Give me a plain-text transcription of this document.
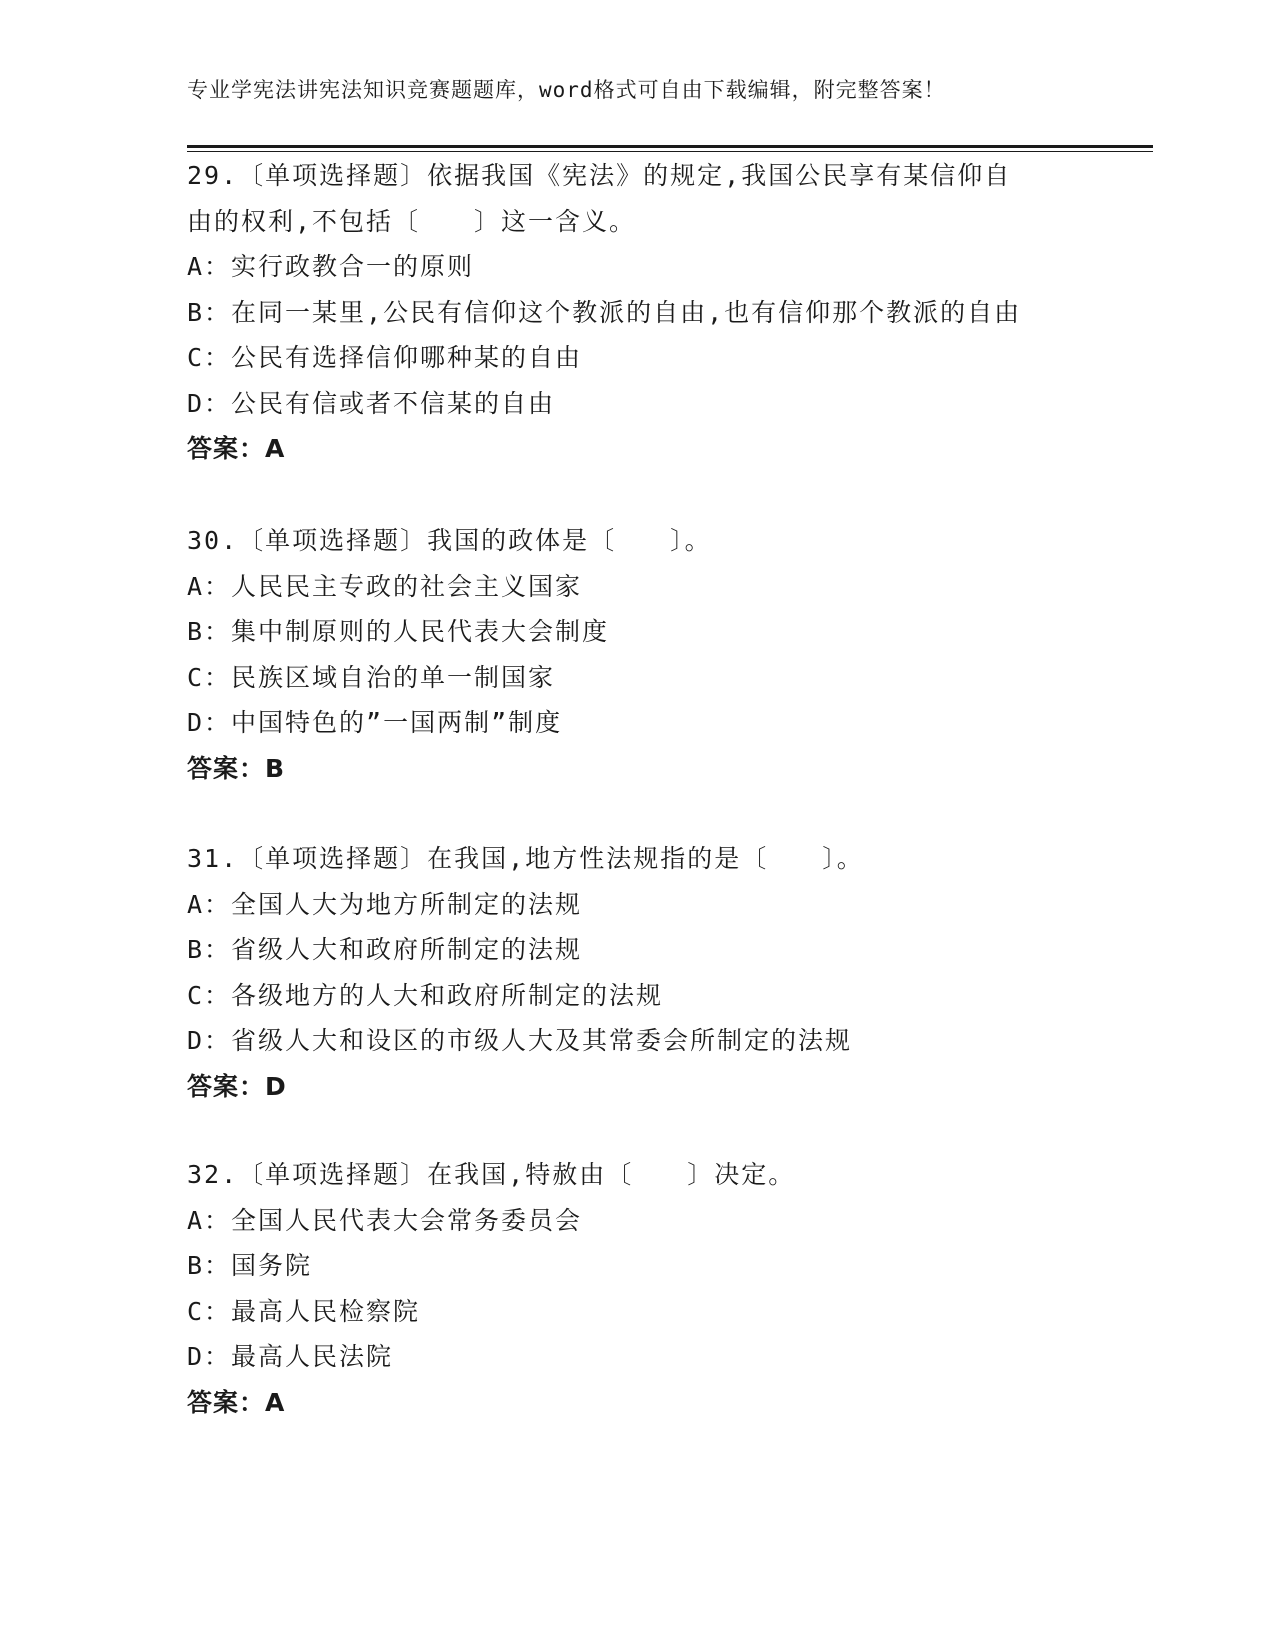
专业学宪法讲宪法知识竞赛题题库，word格式可自由下载编辑，附完整答案！
29.〔单项选择题〕依据我国《宪法》的规定,我国公民享有某信仰自
由的权利,不包括〔　　〕这一含义。
A：实行政教合一的原则
B：在同一某里,公民有信仰这个教派的自由,也有信仰那个教派的自由
C：公民有选择信仰哪种某的自由
D：公民有信或者不信某的自由
答案：A
30.〔单项选择题〕我国的政体是〔　　〕。
A：人民民主专政的社会主义国家
B：集中制原则的人民代表大会制度
C：民族区域自治的单一制国家
D：中国特色的”一国两制”制度
答案：B
31.〔单项选择题〕在我国,地方性法规指的是〔　　〕。
A：全国人大为地方所制定的法规
B：省级人大和政府所制定的法规
C：各级地方的人大和政府所制定的法规
D：省级人大和设区的市级人大及其常委会所制定的法规
答案：D
32.〔单项选择题〕在我国,特赦由〔　　〕决定。
A：全国人民代表大会常务委员会
B：国务院
C：最高人民检察院
D：最高人民法院
答案：A
